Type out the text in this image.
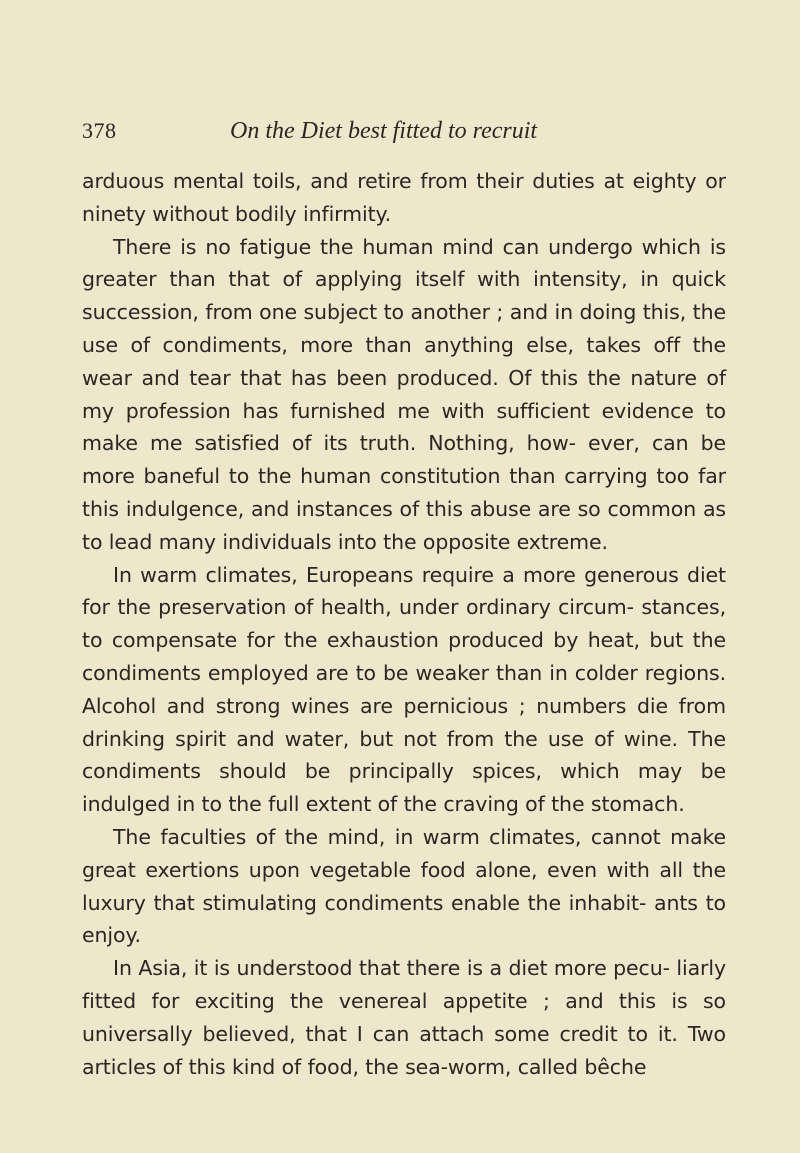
378	On the Diet best fitted to recruit

arduous mental toils, and retire from their duties at eighty or ninety without bodily infirmity.

There is no fatigue the human mind can undergo which is greater than that of applying itself with intensity, in quick succession, from one subject to another ; and in doing this, the use of condiments, more than anything else, takes off the wear and tear that has been produced. Of this the nature of my profession has furnished me with sufficient evidence to make me satisfied of its truth. Nothing, how- ever, can be more baneful to the human constitution than carrying too far this indulgence, and instances of this abuse are so common as to lead many individuals into the opposite extreme.

In warm climates, Europeans require a more generous diet for the preservation of health, under ordinary circum- stances, to compensate for the exhaustion produced by heat, but the condiments employed are to be weaker than in colder regions. Alcohol and strong wines are pernicious ; numbers die from drinking spirit and water, but not from the use of wine. The condiments should be principally spices, which may be indulged in to the full extent of the craving of the stomach.

The faculties of the mind, in warm climates, cannot make great exertions upon vegetable food alone, even with all the luxury that stimulating condiments enable the inhabit- ants to enjoy.

In Asia, it is understood that there is a diet more pecu- liarly fitted for exciting the venereal appetite ; and this is so universally believed, that I can attach some credit to it. Two articles of this kind of food, the sea-worm, called bêche
